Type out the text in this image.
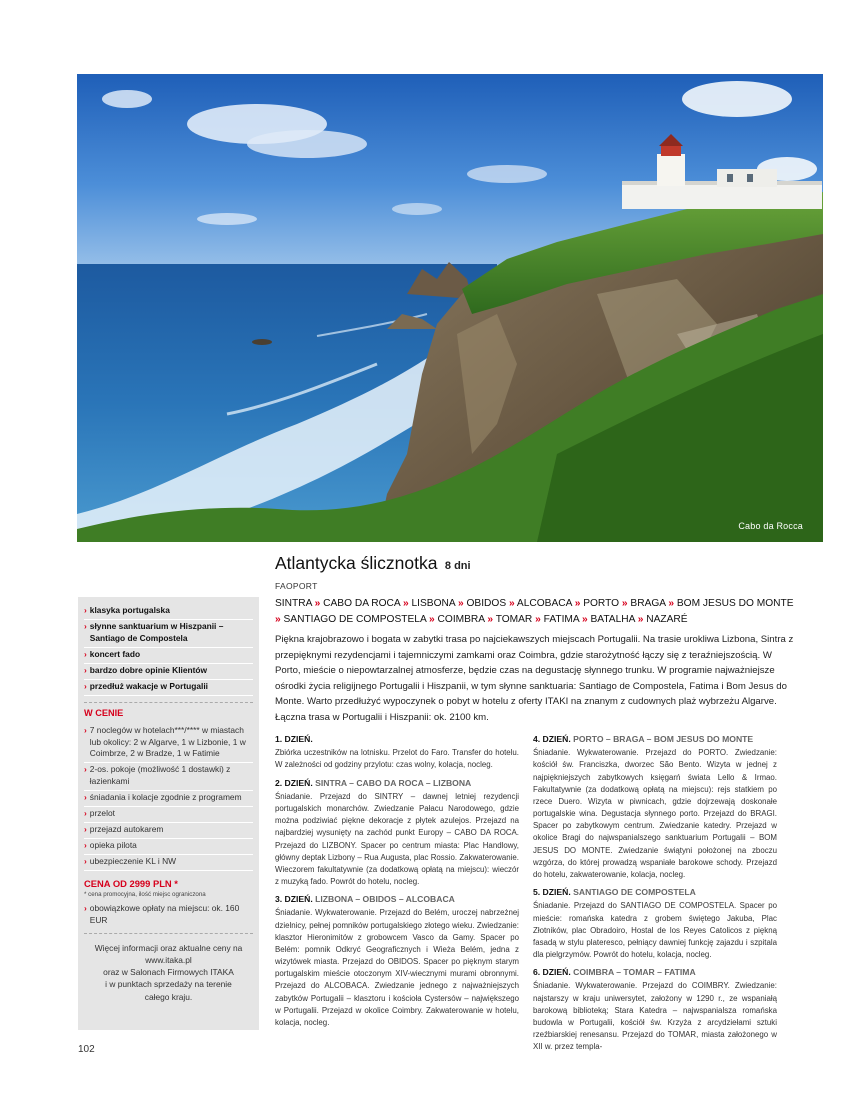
Cabo da Rocca
Atlantycka ślicznotka 8 dni
FAOPORT
SINTRA » CABO DA ROCA » LISBONA » OBIDOS » ALCOBACA » PORTO » BRAGA » BOM JESUS DO MONTE » SANTIAGO DE COMPOSTELA » COIMBRA » TOMAR » FATIMA » BATALHA » NAZARÉ
Piękna krajobrazowo i bogata w zabytki trasa po najciekawszych miejscach Portugalii. Na trasie urokliwa Lizbona, Sintra z przepięknymi rezydencjami i tajemniczymi zamkami oraz Coimbra, gdzie starożytność łączy się z teraźniejszością. W Porto, mieście o niepowtarzalnej atmosferze, będzie czas na degustację słynnego trunku. W programie najważniejsze ośrodki życia religijnego Portugalii i Hiszpanii, w tym słynne sanktuaria: Santiago de Compostela, Fatima i Bom Jesus do Monte. Warto przedłużyć wypoczynek o pobyt w hotelu z oferty ITAKI na znanym z cudownych plaż wybrzeżu Algarve. Łączna trasa w Portugalii i Hiszpanii: ok. 2100 km.
› klasyka portugalska
› słynne sanktuarium w Hiszpanii – Santiago de Compostela
› koncert fado
› bardzo dobre opinie Klientów
› przedłuż wakacje w Portugalii
W CENIE
› 7 noclegów w hotelach***/**** w miastach lub okolicy: 2 w Algarve, 1 w Lizbonie, 1 w Coimbrze, 2 w Bradze, 1 w Fatimie
› 2-os. pokoje (możliwość 1 dostawki) z łazienkami
› śniadania i kolacje zgodnie z programem
› przelot
› przejazd autokarem
› opieka pilota
› ubezpieczenie KL i NW
CENA OD 2999 PLN *
* cena promocyjna, ilość miejsc ograniczona
› obowiązkowe opłaty na miejscu: ok. 160 EUR
Więcej informacji oraz aktualne ceny na
www.itaka.pl
oraz w Salonach Firmowych ITAKA
i w punktach sprzedaży na terenie
całego kraju.
1. DZIEŃ.
Zbiórka uczestników na lotnisku. Przelot do Faro. Transfer do hotelu. W zależności od godziny przylotu: czas wolny, kolacja, nocleg.
2. DZIEŃ. SINTRA – CABO DA ROCA – LIZBONA
Śniadanie. Przejazd do SINTRY – dawnej letniej rezydencji portugalskich monarchów. Zwiedzanie Pałacu Narodowego, gdzie można podziwiać piękne dekoracje z płytek azulejos. Przejazd na najbardziej wysunięty na zachód punkt Europy – CABO DA ROCA. Przejazd do LIZBONY. Spacer po centrum miasta: Plac Handlowy, główny deptak Lizbony – Rua Augusta, plac Rossio. Zakwaterowanie. Wieczorem fakultatywnie (za dodatkową opłatą na miejscu): wieczór z muzyką fado. Powrót do hotelu, nocleg.
3. DZIEŃ. LIZBONA – OBIDOS – ALCOBACA
Śniadanie. Wykwaterowanie. Przejazd do Belém, uroczej nabrzeżnej dzielnicy, pełnej pomników portugalskiego złotego wieku. Zwiedzanie: klasztor Hieronimitów z grobowcem Vasco da Gamy. Spacer po Belém: pomnik Odkryć Geograficznych i Wieża Belém, jedna z wizytówek miasta. Przejazd do OBIDOS. Spacer po pięknym starym portugalskim mieście otoczonym XIV-wiecznymi murami obronnymi. Przejazd do ALCOBACA. Zwiedzanie jednego z najważniejszych zabytków Portugalii – klasztoru i kościoła Cystersów – największego w Portugalii. Przejazd w okolice Coimbry. Zakwaterowanie w hotelu, kolacja, nocleg.
4. DZIEŃ. PORTO – BRAGA – BOM JESUS DO MONTE
Śniadanie. Wykwaterowanie. Przejazd do PORTO. Zwiedzanie: kościół św. Franciszka, dworzec São Bento. Wizyta w jednej z najpiękniejszych zabytkowych księgarń świata Lello & Irmao. Fakultatywnie (za dodatkową opłatą na miejscu): rejs statkiem po rzece Duero. Wizyta w piwnicach, gdzie dojrzewają doskonałe portugalskie wina. Degustacja słynnego porto. Przejazd do BRAGI. Spacer po zabytkowym centrum. Zwiedzanie katedry. Przejazd w okolice Bragi do najwspanialszego sanktuarium Portugalii – BOM JESUS DO MONTE. Zwiedzanie świątyni położonej na zboczu wzgórza, do której prowadzą wspaniałe barokowe schody. Przejazd do hotelu, zakwaterowanie, kolacja, nocleg.
5. DZIEŃ. SANTIAGO DE COMPOSTELA
Śniadanie. Przejazd do SANTIAGO DE COMPOSTELA. Spacer po mieście: romańska katedra z grobem świętego Jakuba, Plac Złotników, plac Obradoiro, Hostal de los Reyes Catolicos z piękną fasadą w stylu plateresco, pełniący dawniej funkcję zajazdu i szpitala dla pielgrzymów. Powrót do hotelu, kolacja, nocleg.
6. DZIEŃ. COIMBRA – TOMAR – FATIMA
Śniadanie. Wykwaterowanie. Przejazd do COIMBRY. Zwiedzanie: najstarszy w kraju uniwersytet, założony w 1290 r., ze wspaniałą barokową biblioteką; Stara Katedra – najwspanialsza romańska budowla w Portugalii, kościół św. Krzyża z arcydziełami sztuki rzeźbiarskiej renesansu. Przejazd do TOMAR, miasta założonego w XII w. przez templa-
102
